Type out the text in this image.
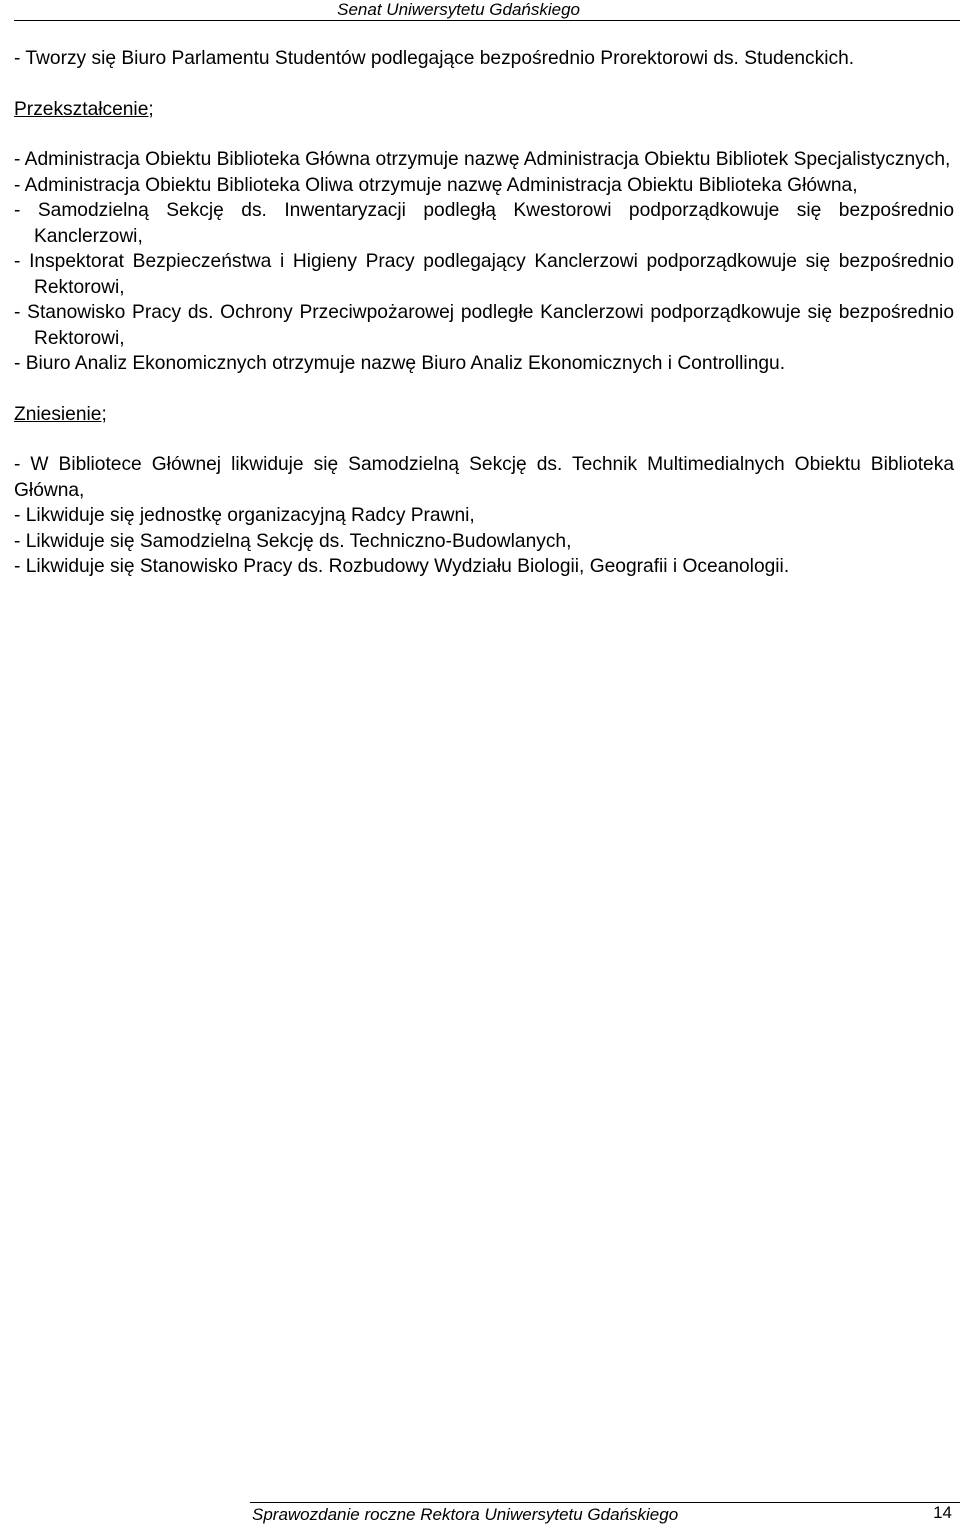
Senat Uniwersytetu Gdańskiego

- Tworzy się Biuro Parlamentu Studentów podlegające bezpośrednio Prorektorowi ds. Studenckich.

Przekształcenie;

- Administracja Obiektu Biblioteka Główna otrzymuje nazwę Administracja Obiektu Bibliotek Specjalistycznych,

- Administracja Obiektu Biblioteka Oliwa otrzymuje nazwę Administracja Obiektu Biblioteka Główna,

- Samodzielną Sekcję ds. Inwentaryzacji podległą Kwestorowi podporządkowuje się bezpośrednio Kanclerzowi,

- Inspektorat Bezpieczeństwa i Higieny Pracy podlegający Kanclerzowi podporządkowuje się bezpośrednio Rektorowi,

- Stanowisko Pracy ds. Ochrony Przeciwpożarowej podległe Kanclerzowi podporządkowuje się bezpośrednio Rektorowi,

- Biuro Analiz Ekonomicznych otrzymuje nazwę Biuro Analiz Ekonomicznych i Controllingu.

Zniesienie;

- W Bibliotece Głównej likwiduje się Samodzielną Sekcję ds. Technik Multimedialnych Obiektu Biblioteka Główna,

- Likwiduje się jednostkę organizacyjną Radcy Prawni,

- Likwiduje się Samodzielną Sekcję ds. Techniczno-Budowlanych,

- Likwiduje się Stanowisko Pracy ds. Rozbudowy Wydziału Biologii, Geografii i Oceanologii.

Sprawozdanie roczne Rektora Uniwersytetu Gdańskiego	14
